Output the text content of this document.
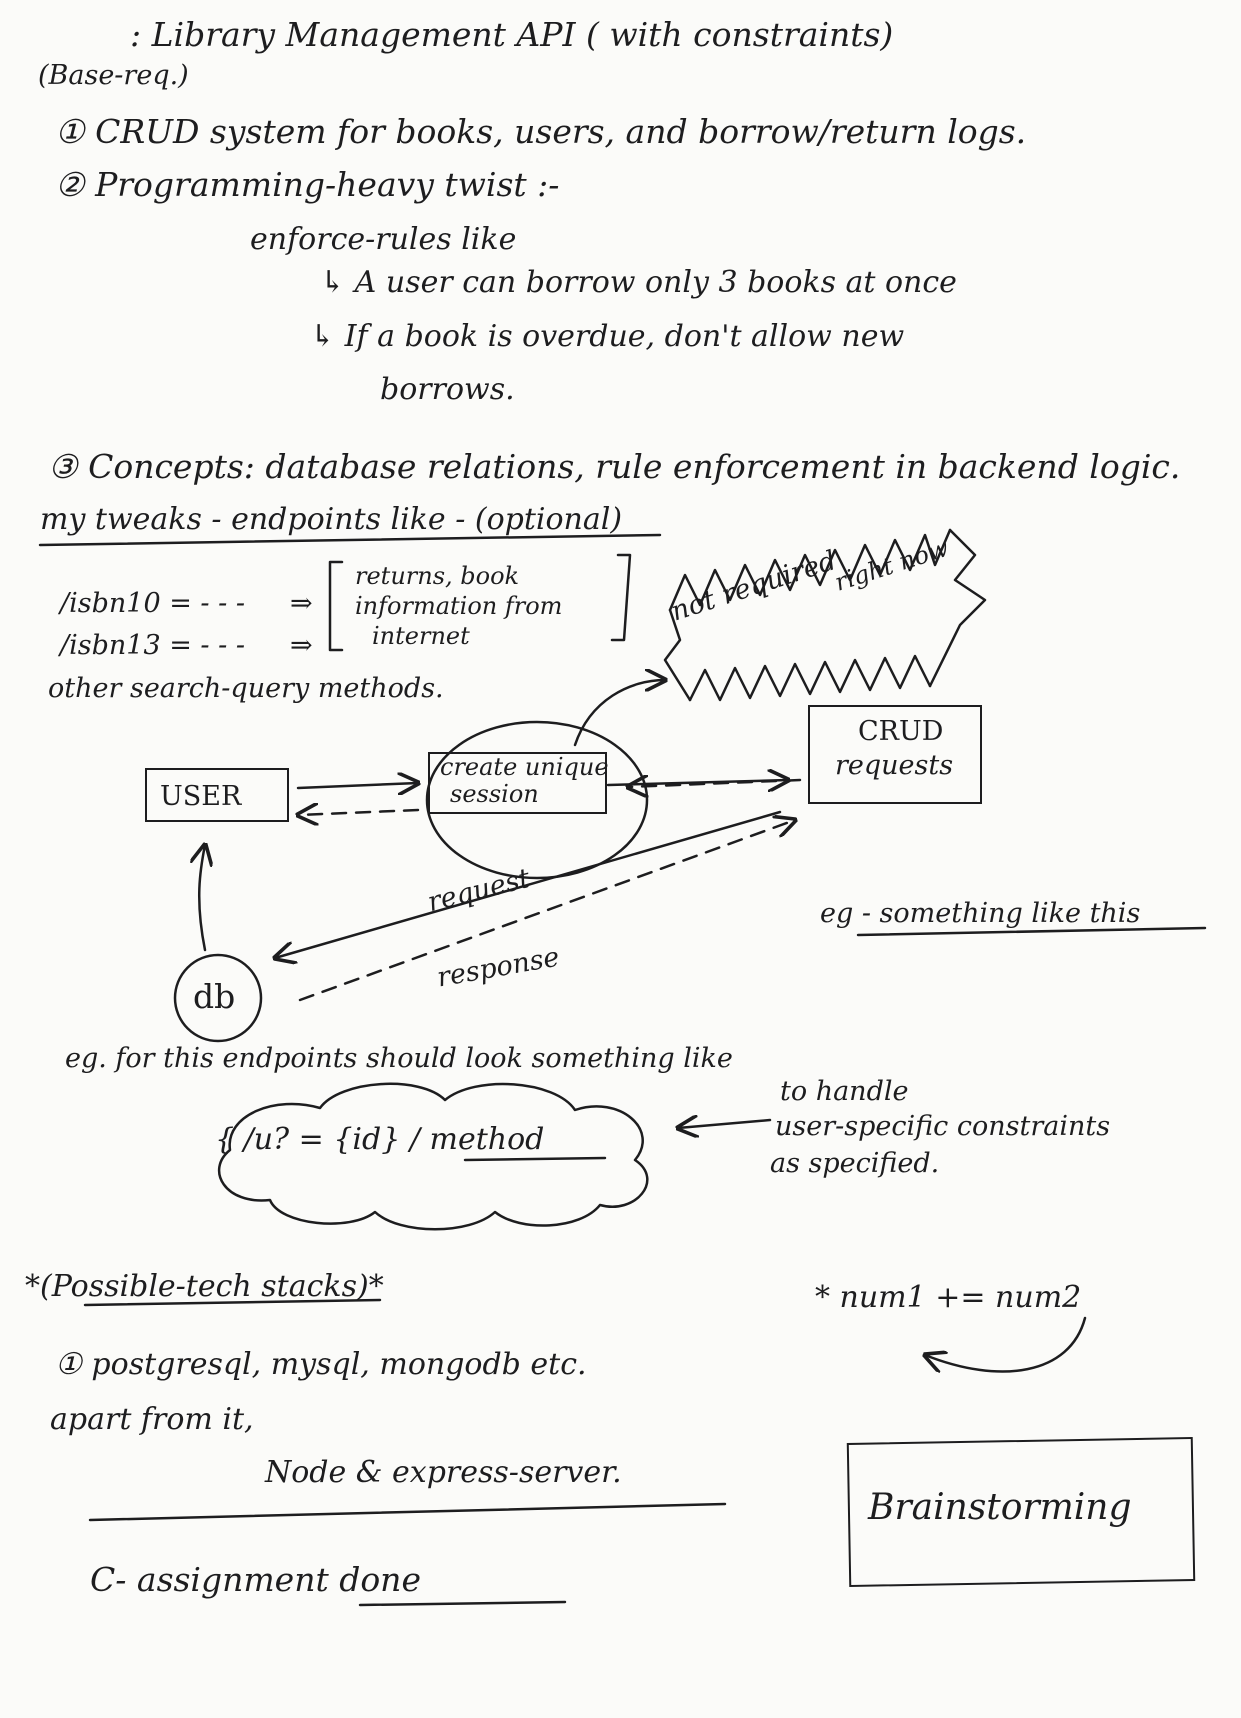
: Library Management API ( with constraints)
(Base-req.)
① CRUD system for books, users, and borrow/return logs.
② Programming-heavy twist :-
enforce-rules like
↳ A user can borrow only 3 books at once
↳ If a book is overdue, don't allow new
borrows.
③ Concepts: database relations, rule enforcement in backend logic.
my tweaks - endpoints like - (optional)
/isbn10 = - - -
/isbn13 = - - -
⇒
⇒
returns, book
information from
internet
other search-query methods.
not required
right now
USER
create unique
session
CRUD
requests
request
response
db
eg - something like this
eg. for this endpoints should look something like
{ /u? = {id} / method
to handle
user-specific constraints
as specified.
*(Possible-tech stacks)*
① postgresql, mysql, mongodb etc.
apart from it,
Node & express-server.
* num1 += num2
C- assignment done
Brainstorming
